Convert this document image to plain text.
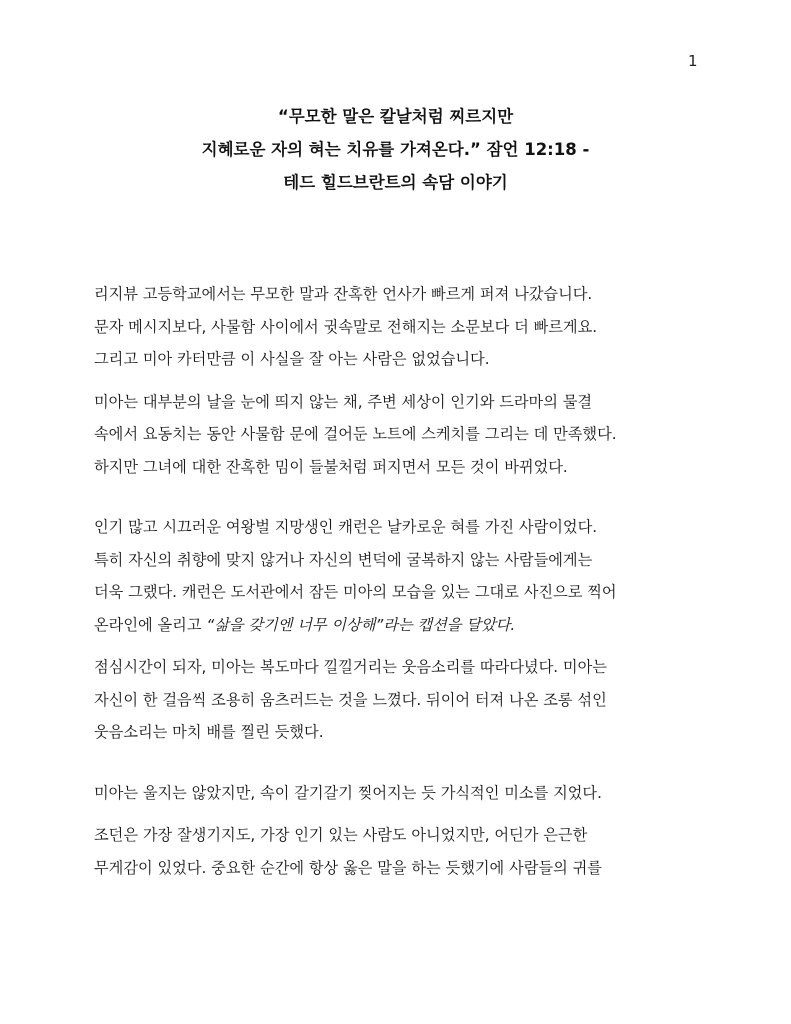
1
“무모한 말은 칼날처럼 찌르지만
지혜로운 자의 혀는 치유를 가져온다.” 잠언 12:18 -
테드 힐드브란트의 속담 이야기

리지뷰 고등학교에서는 무모한 말과 잔혹한 언사가 빠르게 퍼져 나갔습니다.
문자 메시지보다, 사물함 사이에서 귓속말로 전해지는 소문보다 더 빠르게요.
그리고 미아 카터만큼 이 사실을 잘 아는 사람은 없었습니다.

미아는 대부분의 날을 눈에 띄지 않는 채, 주변 세상이 인기와 드라마의 물결
속에서 요동치는 동안 사물함 문에 걸어둔 노트에 스케치를 그리는 데 만족했다.
하지만 그녀에 대한 잔혹한 밈이 들불처럼 퍼지면서 모든 것이 바뀌었다.

인기 많고 시끄러운 여왕벌 지망생인 캐런은 날카로운 혀를 가진 사람이었다.
특히 자신의 취향에 맞지 않거나 자신의 변덕에 굴복하지 않는 사람들에게는
더욱 그랬다. 캐런은 도서관에서 잠든 미아의 모습을 있는 그대로 사진으로 찍어
온라인에 올리고 “삶을 갖기엔 너무 이상해”라는 캡션을 달았다.

점심시간이 되자, 미아는 복도마다 낄낄거리는 웃음소리를 따라다녔다. 미아는
자신이 한 걸음씩 조용히 움츠러드는 것을 느꼈다. 뒤이어 터져 나온 조롱 섞인
웃음소리는 마치 배를 찔린 듯했다.

미아는 울지는 않았지만, 속이 갈기갈기 찢어지는 듯 가식적인 미소를 지었다.

조던은 가장 잘생기지도, 가장 인기 있는 사람도 아니었지만, 어딘가 은근한
무게감이 있었다. 중요한 순간에 항상 옳은 말을 하는 듯했기에 사람들의 귀를
